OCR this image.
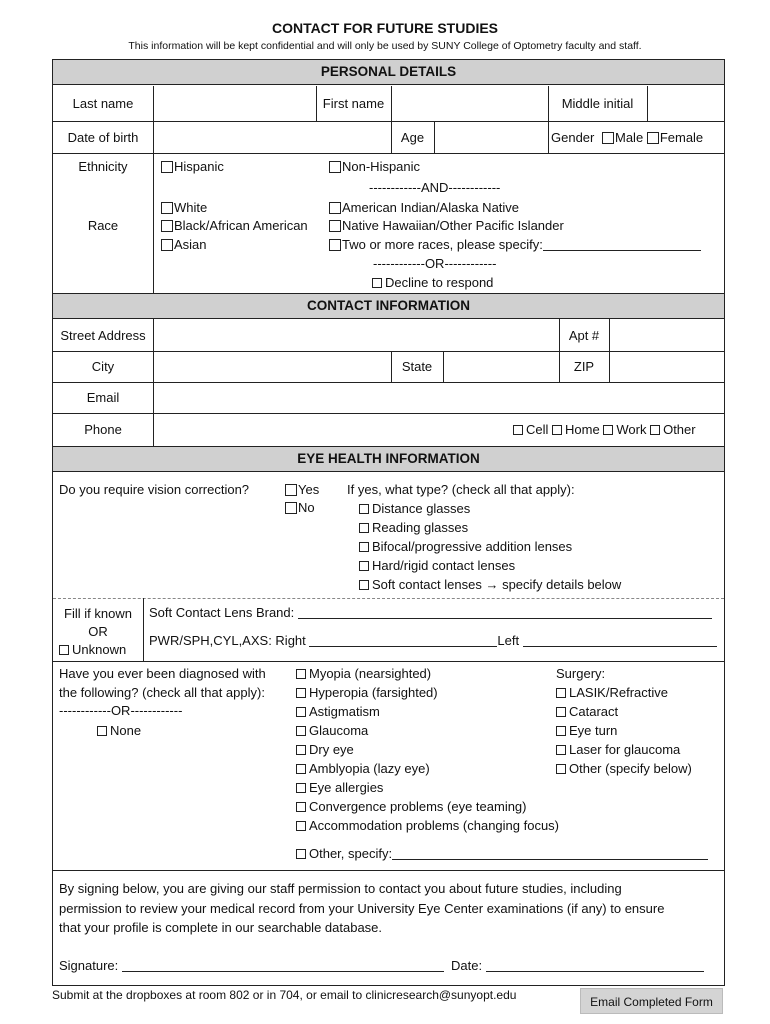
CONTACT FOR FUTURE STUDIES
This information will be kept confidential and will only be used by SUNY College of Optometry faculty and staff.
PERSONAL DETAILS
Last name	First name	Middle initial
Date of birth	Age	Gender Male Female
Ethnicity	Hispanic	Non-Hispanic
------------AND------------
Race
White
Black/African American
Asian
American Indian/Alaska Native
Native Hawaiian/Other Pacific Islander
Two or more races, please specify:
------------OR------------
Decline to respond
CONTACT INFORMATION
Street Address	Apt #
City	State	ZIP
Email
Phone	Cell Home Work Other
EYE HEALTH INFORMATION
Do you require vision correction?	Yes
No
If yes, what type? (check all that apply):
Distance glasses
Reading glasses
Bifocal/progressive addition lenses
Hard/rigid contact lenses
Soft contact lenses → specify details below
Fill if known
OR
Unknown
Soft Contact Lens Brand:
PWR/SPH,CYL,AXS: Right	Left
Have you ever been diagnosed with
the following? (check all that apply):
------------OR------------
None
Myopia (nearsighted)
Hyperopia (farsighted)
Astigmatism
Glaucoma
Dry eye
Amblyopia (lazy eye)
Eye allergies
Convergence problems (eye teaming)
Accommodation problems (changing focus)
Other, specify:
Surgery:
LASIK/Refractive
Cataract
Eye turn
Laser for glaucoma
Other (specify below)
By signing below, you are giving our staff permission to contact you about future studies, including
permission to review your medical record from your University Eye Center examinations (if any) to ensure
that your profile is complete in our searchable database.
Signature:	Date:
Submit at the dropboxes at room 802 or in 704, or email to clinicresearch@sunyopt.edu	Email Completed Form
